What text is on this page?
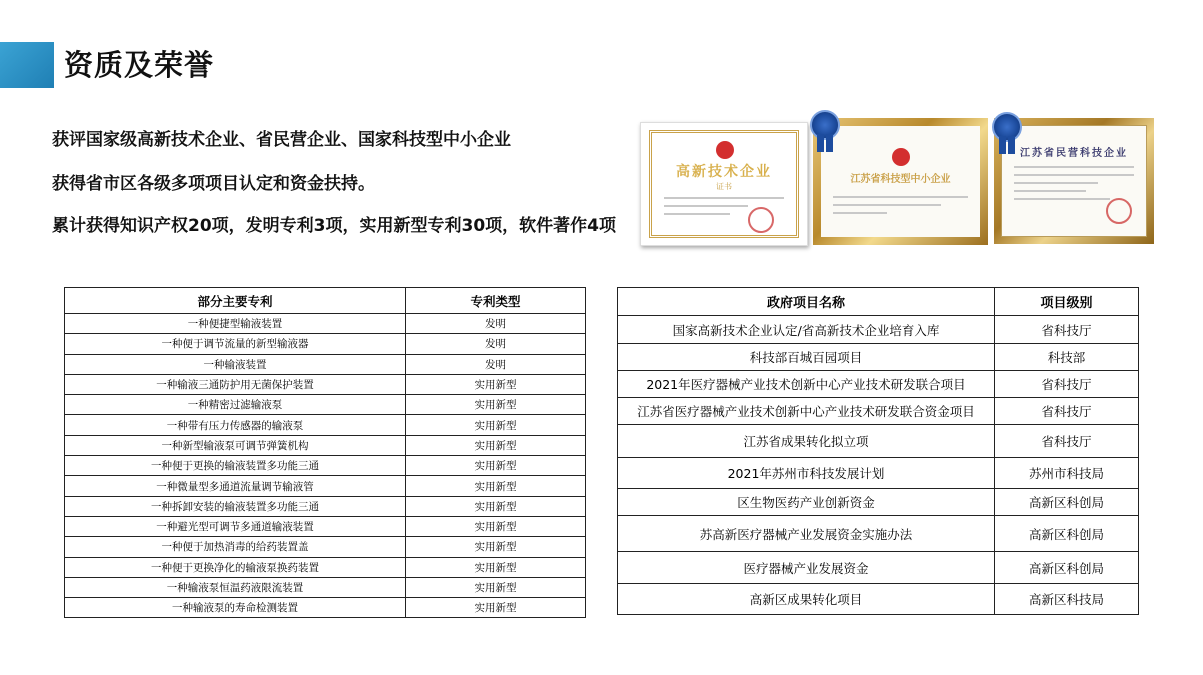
资质及荣誉
获评国家级高新技术企业、省民营企业、国家科技型中小企业
获得省市区各级多项项目认定和资金扶持。
累计获得知识产权20项，发明专利3项，实用新型专利30项，软件著作4项
高新技术企业
证书
江苏省科技型中小企业
江苏省民营科技企业
部分主要专利	专利类型
一种便捷型输液装置	发明
一种便于调节流量的新型输液器	发明
一种输液装置	发明
一种输液三通防护用无菌保护装置	实用新型
一种精密过滤输液泵	实用新型
一种带有压力传感器的输液泵	实用新型
一种新型输液泵可调节弹簧机构	实用新型
一种便于更换的输液装置多功能三通	实用新型
一种微量型多通道流量调节输液管	实用新型
一种拆卸安装的输液装置多功能三通	实用新型
一种避光型可调节多通道输液装置	实用新型
一种便于加热消毒的给药装置盖	实用新型
一种便于更换净化的输液泵换药装置	实用新型
一种输液泵恒温药液限流装置	实用新型
一种输液泵的寿命检测装置	实用新型
政府项目名称	项目级别
国家高新技术企业认定/省高新技术企业培育入库	省科技厅
科技部百城百园项目	科技部
2021年医疗器械产业技术创新中心产业技术研发联合项目	省科技厅
江苏省医疗器械产业技术创新中心产业技术研发联合资金项目	省科技厅
江苏省成果转化拟立项	省科技厅
2021年苏州市科技发展计划	苏州市科技局
区生物医药产业创新资金	高新区科创局
苏高新医疗器械产业发展资金实施办法	高新区科创局
医疗器械产业发展资金	高新区科创局
高新区成果转化项目	高新区科技局
